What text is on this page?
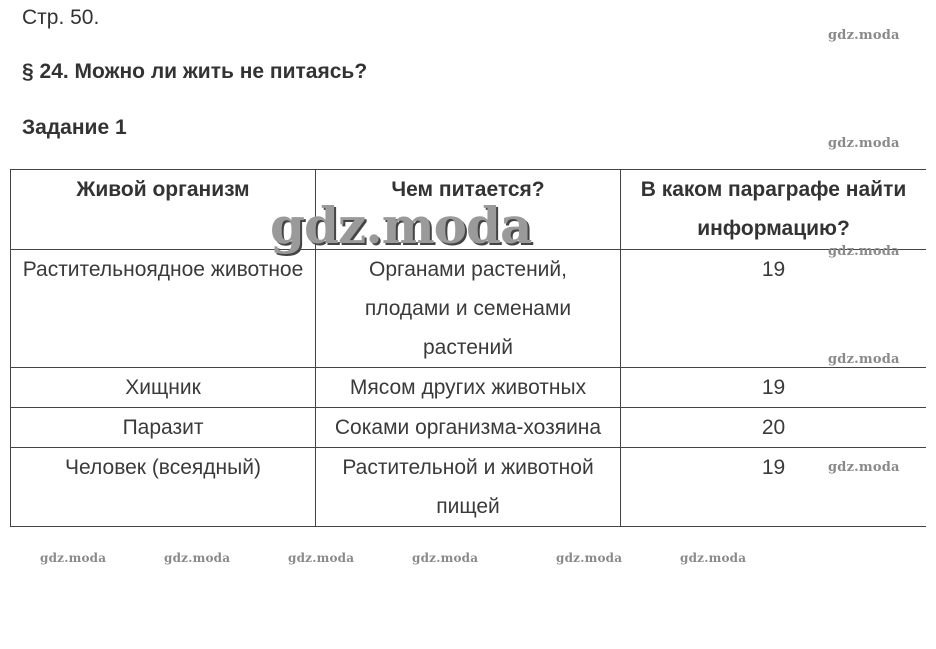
Стр. 50.
§ 24. Можно ли жить не питаясь?
Задание 1
Живой организм	Чем питается?	В каком параграфе найти информацию?
Растительноядное животное	Органами растений, плодами и семенами растений	19
Хищник	Мясом других животных	19
Паразит	Соками организма-хозяина	20
Человек (всеядный)	Растительной и животной пищей	19
gdz.moda
gdz.moda
gdz.moda
gdz.moda
gdz.moda
gdz.moda
gdz.moda	gdz.moda	gdz.moda	gdz.moda	gdz.moda	gdz.moda
